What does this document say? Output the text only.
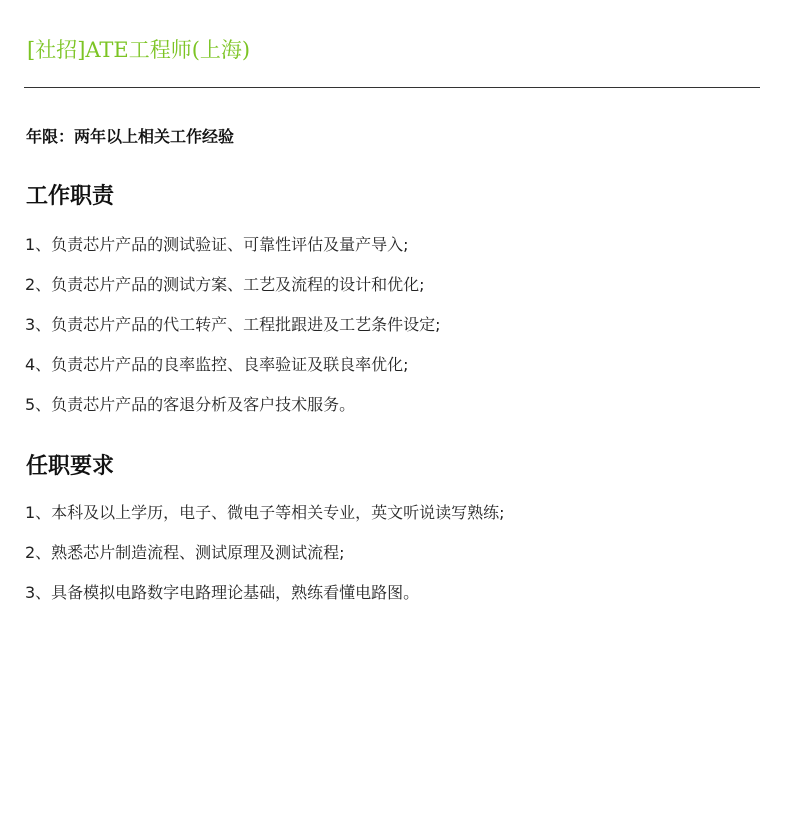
[社招]ATE工程师(上海)
年限：两年以上相关工作经验
工作职责
1、负责芯片产品的测试验证、可靠性评估及量产导入;
2、负责芯片产品的测试方案、工艺及流程的设计和优化;
3、负责芯片产品的代工转产、工程批跟进及工艺条件设定;
4、负责芯片产品的良率监控、良率验证及联良率优化;
5、负责芯片产品的客退分析及客户技术服务。
任职要求
1、本科及以上学历，电子、微电子等相关专业，英文听说读写熟练;
2、熟悉芯片制造流程、测试原理及测试流程;
3、具备模拟电路数字电路理论基础，熟练看懂电路图。
